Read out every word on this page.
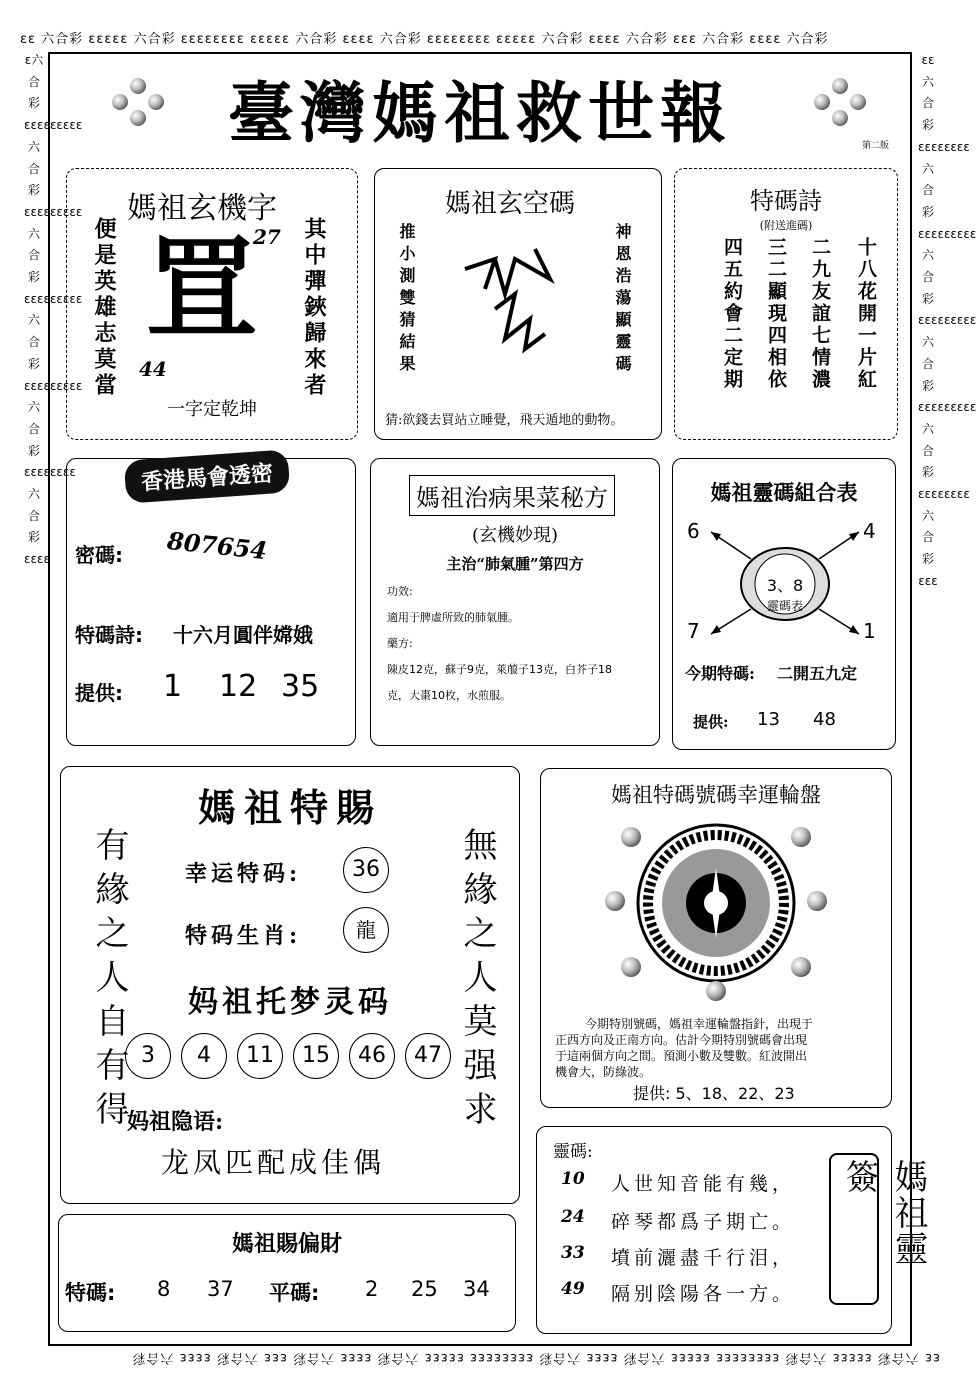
ɛɛ 六合彩 ɛɛɛɛɛ 六合彩 ɛɛɛɛɛɛɛɛ ɛɛɛɛɛ 六合彩 ɛɛɛɛ 六合彩 ɛɛɛɛɛɛɛɛ ɛɛɛɛɛ 六合彩 ɛɛɛɛ 六合彩 ɛɛɛ 六合彩 ɛɛɛɛ 六合彩
ɛɛ 六合彩 ɛɛɛɛɛ 六合彩 ɛɛɛɛɛɛɛɛ ɛɛɛɛɛ 六合彩 ɛɛɛɛ 六合彩 ɛɛɛɛɛɛɛɛ ɛɛɛɛɛ 六合彩 ɛɛɛɛ 六合彩 ɛɛɛ 六合彩 ɛɛɛɛ 六合彩
ɛ六合彩ɛɛɛɛɛɛɛɛɛ六合彩ɛɛɛɛɛɛɛɛɛ六合彩ɛɛɛɛɛɛɛɛɛ六合彩ɛɛɛɛɛɛɛɛɛ六合彩ɛɛɛɛɛɛɛɛ六合彩ɛɛɛɛ
ɛɛ六合彩ɛɛɛɛɛɛɛɛ六合彩ɛɛɛɛɛɛɛɛɛ六合彩ɛɛɛɛɛɛɛɛɛ六合彩ɛɛɛɛɛɛɛɛɛ六合彩ɛɛɛɛɛɛɛɛ六合彩ɛɛɛ
臺灣媽祖救世報	第二版
媽祖玄機字
便是英雄志莫當	其中彈鋏歸來者
罝
27
44
一字定乾坤
媽祖玄空碼
推小測雙猜結果	神恩浩蕩顯靈碼
猜:欲錢去買站立睡覺，飛天遁地的動物。
特碼詩
(附送進碼)
十八花開一片紅
二九友誼七情濃
三二顯現四相依
四五約會二定期
香港馬會透密
密碼: 807654
特碼詩: 十六月圓伴嫦娥
提供: 1 12 35
媽祖治病果菜秘方
(玄機妙現)
主治“肺氣腫”第四方
功效:
適用于脾虛所致的肺氣腫。
藥方:
陳皮12克，蘇子9克，萊菔子13克，白芥子18
克，大棗10枚，水煎服。
媽祖靈碼組合表
6	4
7	1
3、8
靈碼表
今期特碼: 二開五九定
提供: 13 48
媽祖特賜
有緣之人自有得	無緣之人莫强求
幸运特码:	36
特码生肖:	龍
妈祖托梦灵码
3	4	11	15	46	47
妈祖隐语:
龙凤匹配成佳偶
媽祖特碼號碼幸運輪盤
今期特別號碼，媽祖幸運輪盤指針，出現于
正西方向及正南方向。估計今期特別號碼會出現
于這兩個方向之間。預測小數及雙數。紅波開出
機會大，防綠波。
提供: 5、18、22、23
靈碼:
10 人世知音能有幾，
24 碎琴都爲子期亡。
33 墳前灑盡千行泪，
49 隔别陰陽各一方。
媽祖靈簽
媽祖賜偏財
特碼: 8 37 平碼: 2 25 34
